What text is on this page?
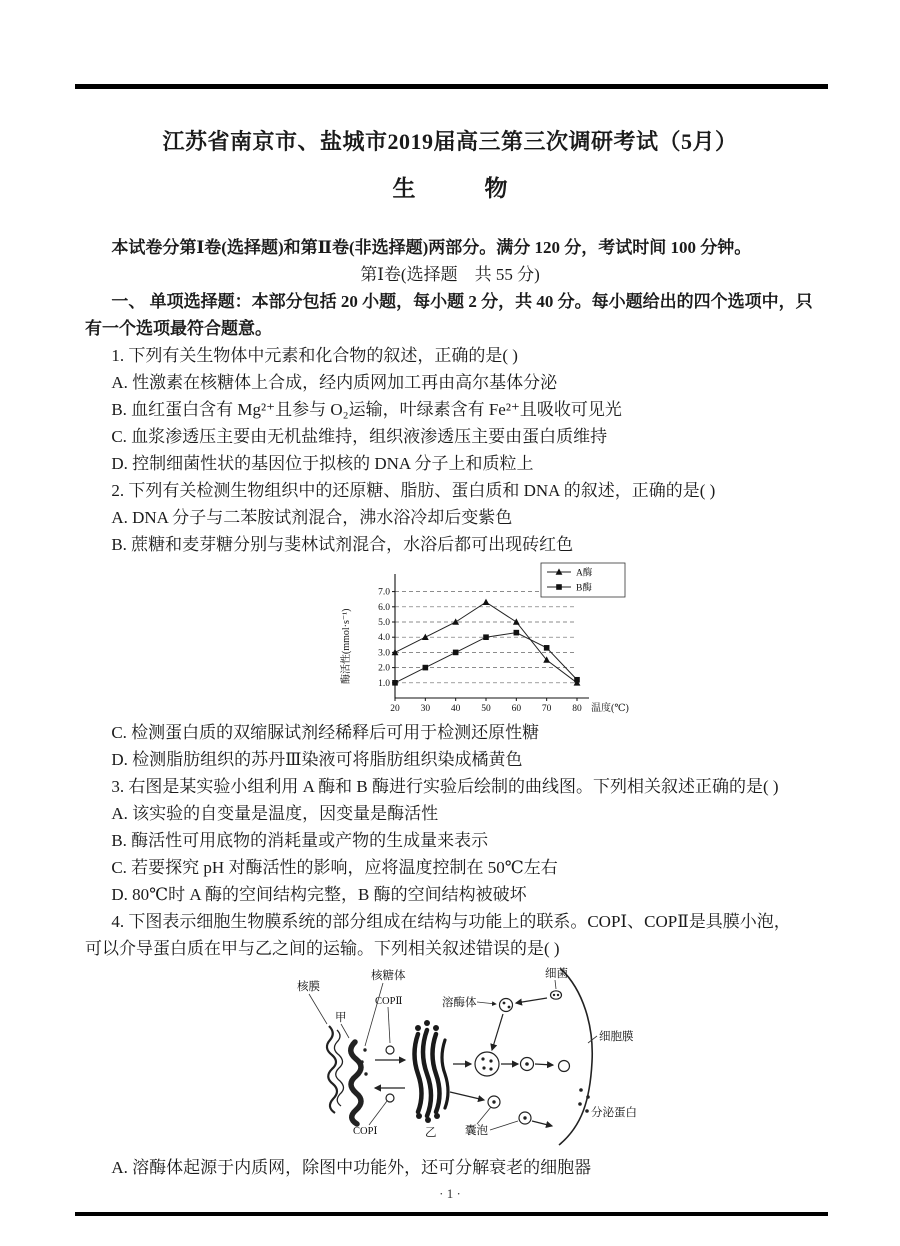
江苏省南京市、盐城市2019届高三第三次调研考试（5月）
生　　　物

本试卷分第Ⅰ卷(选择题)和第Ⅱ卷(非选择题)两部分。满分 120 分，考试时间 100 分钟。

第Ⅰ卷(选择题　共 55 分)

一、 单项选择题：本部分包括 20 小题，每小题 2 分，共 40 分。每小题给出的四个选项中，只

有一个选项最符合题意。

1. 下列有关生物体中元素和化合物的叙述，正确的是( )

A. 性激素在核糖体上合成，经内质网加工再由高尔基体分泌

B. 血红蛋白含有 Mg²⁺且参与 O₂运输，叶绿素含有 Fe²⁺且吸收可见光

C. 血浆渗透压主要由无机盐维持，组织液渗透压主要由蛋白质维持

D. 控制细菌性状的基因位于拟核的 DNA 分子上和质粒上

2. 下列有关检测生物组织中的还原糖、脂肪、蛋白质和 DNA 的叙述，正确的是( )

A. DNA 分子与二苯胺试剂混合，沸水浴冷却后变紫色

B. 蔗糖和麦芽糖分别与斐林试剂混合，水浴后都可出现砖红色

1.0
2.0
3.0
4.0
5.0
6.0
7.0
20 30 40 50 60 70 80 温度(℃)
酶活性(mmol·s⁻¹)
A酶
B酶

C. 检测蛋白质的双缩脲试剂经稀释后可用于检测还原性糖

D. 检测脂肪组织的苏丹Ⅲ染液可将脂肪组织染成橘黄色

3. 右图是某实验小组利用 A 酶和 B 酶进行实验后绘制的曲线图。下列相关叙述正确的是( )

A. 该实验的自变量是温度，因变量是酶活性

B. 酶活性可用底物的消耗量或产物的生成量来表示

C. 若要探究 pH 对酶活性的影响，应将温度控制在 50℃左右

D. 80℃时 A 酶的空间结构完整，B 酶的空间结构被破坏

4. 下图表示细胞生物膜系统的部分组成在结构与功能上的联系。COPⅠ、COPⅡ是具膜小泡，

可以介导蛋白质在甲与乙之间的运输。下列相关叙述错误的是( )

核膜
甲
核糖体
COPⅡ	溶酶体
细菌
细胞膜
COPⅠ	乙 囊泡
分泌蛋白

A. 溶酶体起源于内质网，除图中功能外，还可分解衰老的细胞器

· 1 ·
